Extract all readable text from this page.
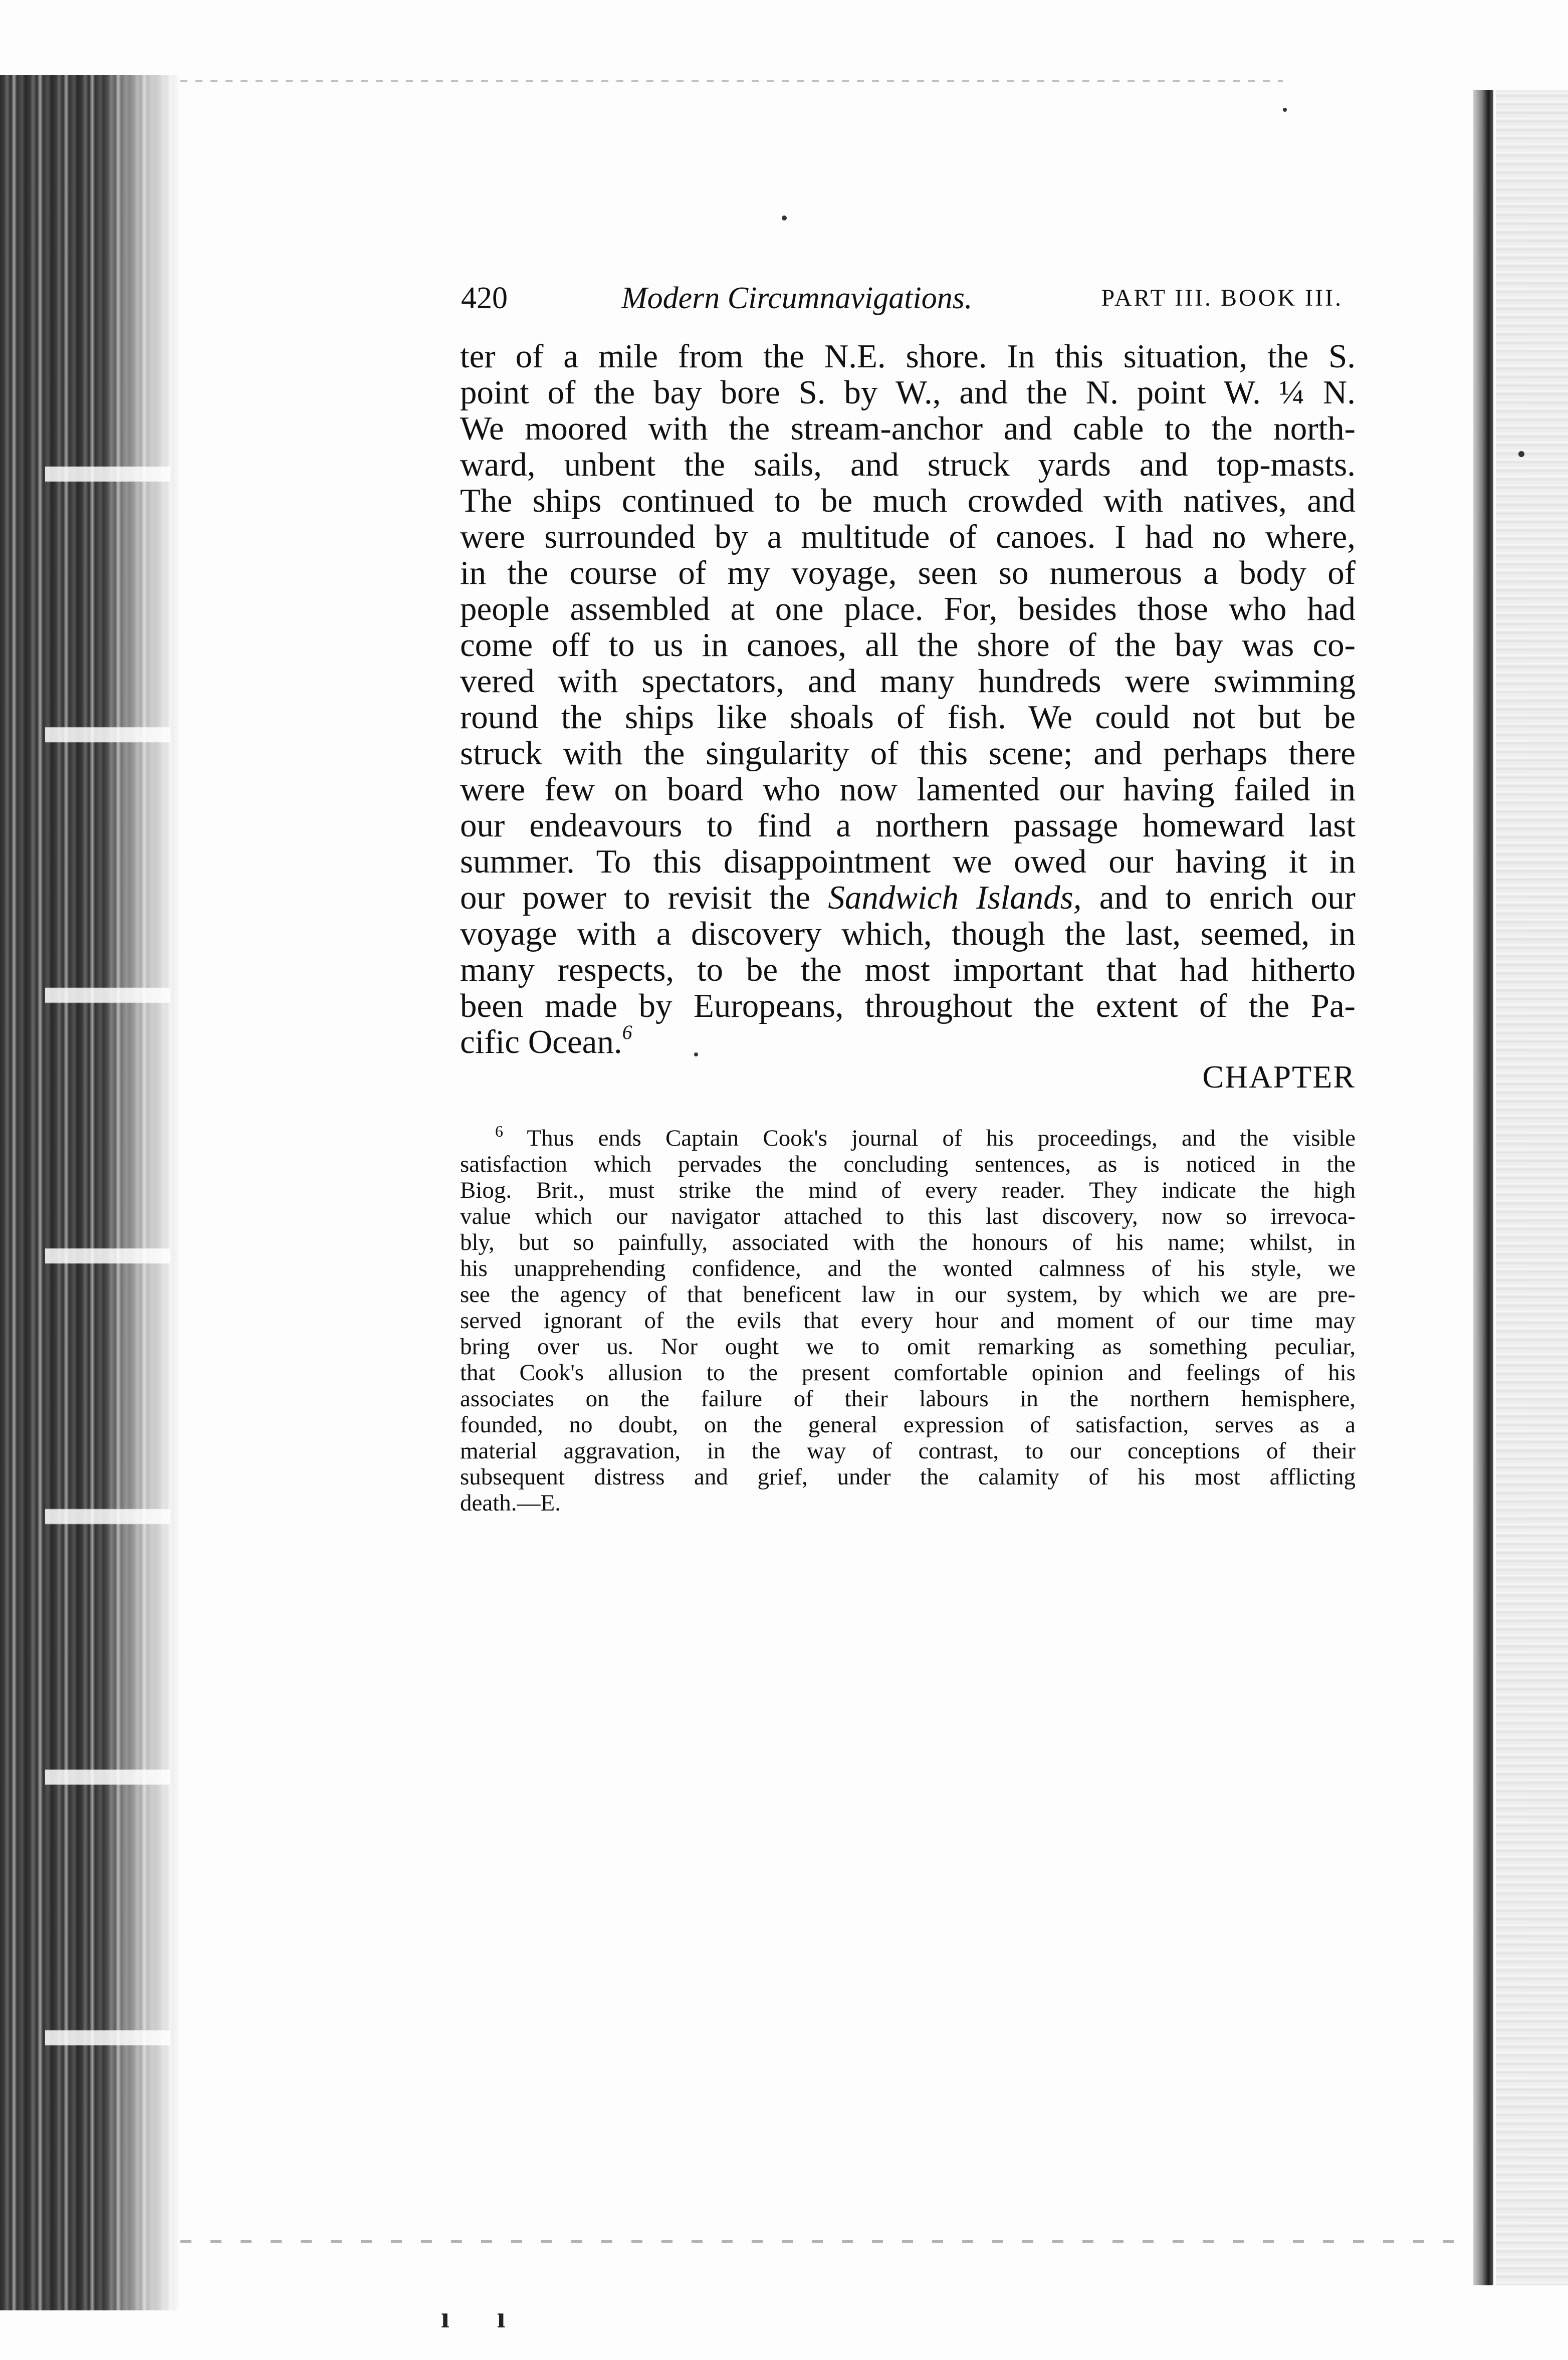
420	Modern Circumnavigations.	PART III. BOOK III.
ter of a mile from the N.E. shore. In this situation, the S.
point of the bay bore S. by W., and the N. point W. ¼ N.
We moored with the stream-anchor and cable to the north-
ward, unbent the sails, and struck yards and top-masts.
The ships continued to be much crowded with natives, and
were surrounded by a multitude of canoes. I had no where,
in the course of my voyage, seen so numerous a body of
people assembled at one place. For, besides those who had
come off to us in canoes, all the shore of the bay was co-
vered with spectators, and many hundreds were swimming
round the ships like shoals of fish. We could not but be
struck with the singularity of this scene; and perhaps there
were few on board who now lamented our having failed in
our endeavours to find a northern passage homeward last
summer. To this disappointment we owed our having it in
our power to revisit the Sandwich Islands, and to enrich our
voyage with a discovery which, though the last, seemed, in
many respects, to be the most important that had hitherto
been made by Europeans, throughout the extent of the Pa-
cific Ocean.$^6$
CHAPTER
$^6$ Thus ends Captain Cook's journal of his proceedings, and the visible
satisfaction which pervades the concluding sentences, as is noticed in the
Biog. Brit., must strike the mind of every reader. They indicate the high
value which our navigator attached to this last discovery, now so irrevoca-
bly, but so painfully, associated with the honours of his name; whilst, in
his unapprehending confidence, and the wonted calmness of his style, we
see the agency of that beneficent law in our system, by which we are pre-
served ignorant of the evils that every hour and moment of our time may
bring over us. Nor ought we to omit remarking as something peculiar,
that Cook's allusion to the present comfortable opinion and feelings of his
associates on the failure of their labours in the northern hemisphere,
founded, no doubt, on the general expression of satisfaction, serves as a
material aggravation, in the way of contrast, to our conceptions of their
subsequent distress and grief, under the calamity of his most afflicting
death.—E.
ı ı
